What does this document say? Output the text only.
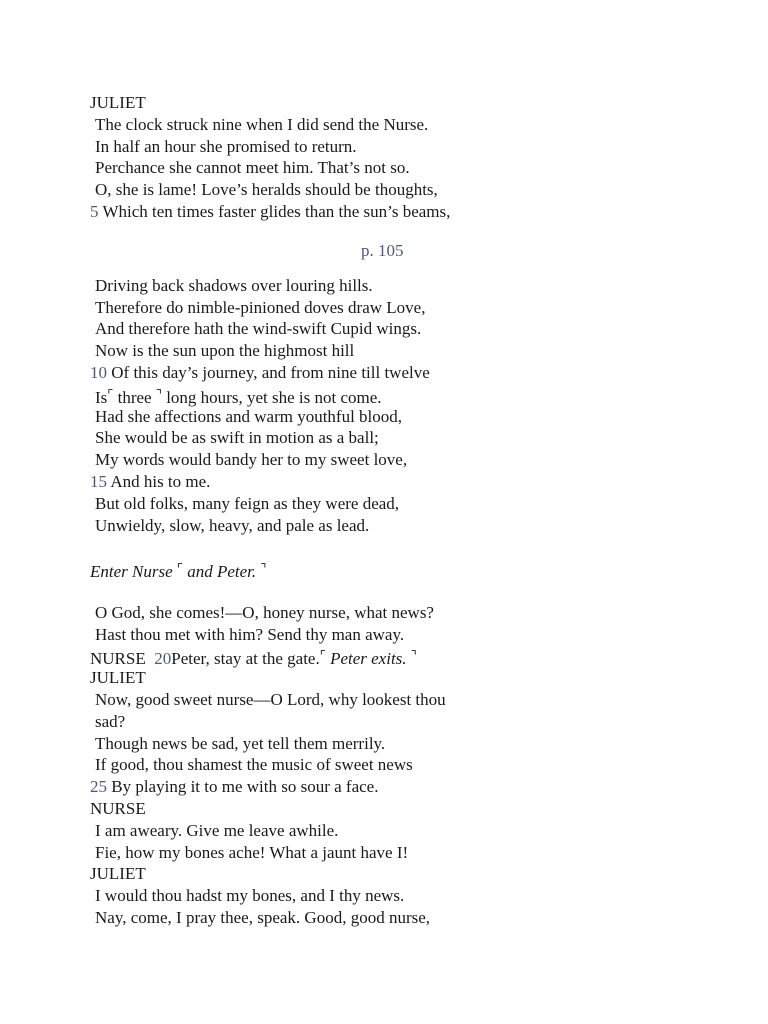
JULIET
The clock struck nine when I did send the Nurse.
In half an hour she promised to return.
Perchance she cannot meet him. That’s not so.
O, she is lame! Love’s heralds should be thoughts,
5 Which ten times faster glides than the sun’s beams,
p. 105
Driving back shadows over louring hills.
Therefore do nimble-pinioned doves draw Love,
And therefore hath the wind-swift Cupid wings.
Now is the sun upon the highmost hill
10 Of this day’s journey, and from nine till twelve
Is⌜ three ⌝ long hours, yet she is not come.
Had she affections and warm youthful blood,
She would be as swift in motion as a ball;
My words would bandy her to my sweet love,
15 And his to me.
But old folks, many feign as they were dead,
Unwieldy, slow, heavy, and pale as lead.
Enter Nurse ⌜ and Peter. ⌝
O God, she comes!—O, honey nurse, what news?
Hast thou met with him? Send thy man away.
NURSE 20Peter, stay at the gate.⌜ Peter exits. ⌝
JULIET
Now, good sweet nurse—O Lord, why lookest thou
sad?
Though news be sad, yet tell them merrily.
If good, thou shamest the music of sweet news
25 By playing it to me with so sour a face.
NURSE
I am aweary. Give me leave awhile.
Fie, how my bones ache! What a jaunt have I!
JULIET
I would thou hadst my bones, and I thy news.
Nay, come, I pray thee, speak. Good, good nurse,
